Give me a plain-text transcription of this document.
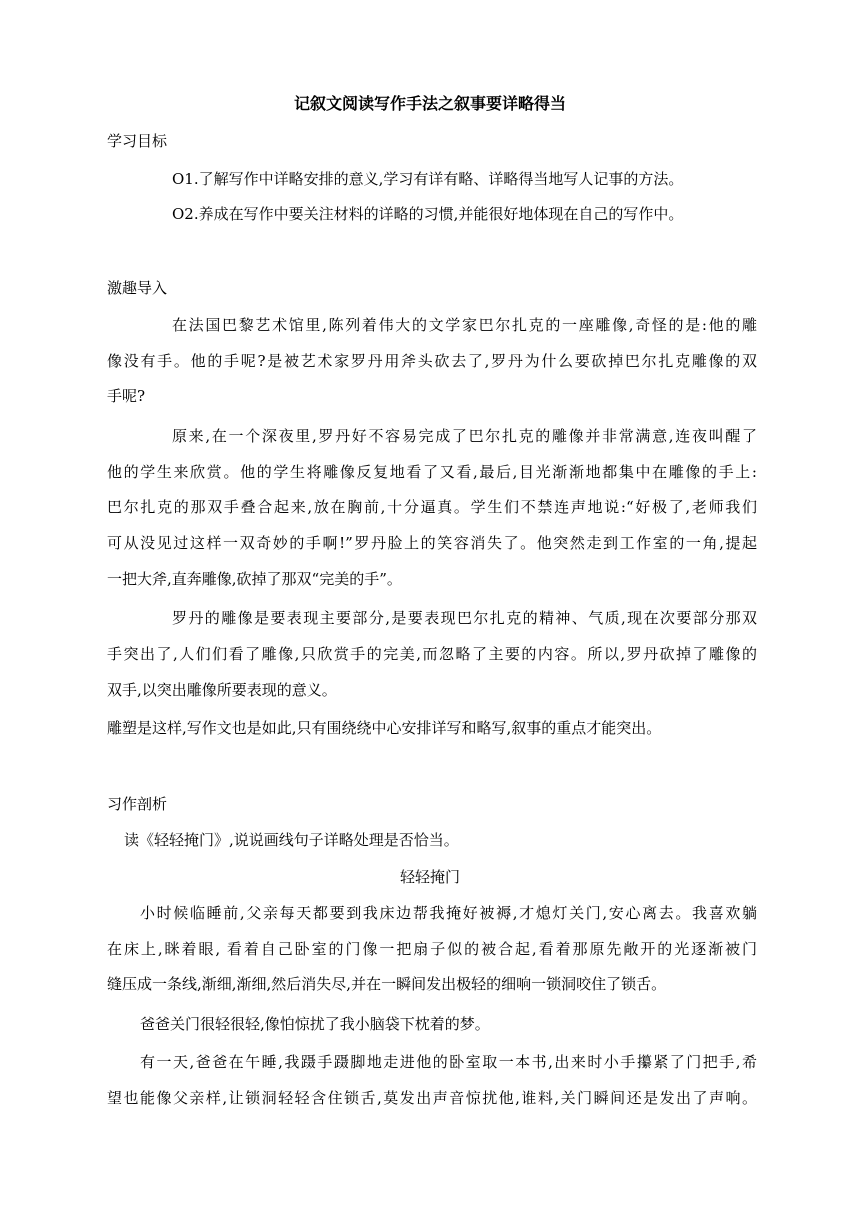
记叙文阅读写作手法之叙事要详略得当
学习目标
O1.了解写作中详略安排的意义,学习有详有略、详略得当地写人记事的方法。
O2.养成在写作中要关注材料的详略的习惯,并能很好地体现在自己的写作中。
激趣导入
在法国巴黎艺术馆里,陈列着伟大的文学家巴尔扎克的一座雕像,奇怪的是:他的雕
像没有手。他的手呢?是被艺术家罗丹用斧头砍去了,罗丹为什么要砍掉巴尔扎克雕像的双
手呢?
原来,在一个深夜里,罗丹好不容易完成了巴尔扎克的雕像并非常满意,连夜叫醒了
他的学生来欣赏。他的学生将雕像反复地看了又看,最后,目光渐渐地都集中在雕像的手上:
巴尔扎克的那双手叠合起来,放在胸前,十分逼真。学生们不禁连声地说:“好极了,老师我们
可从没见过这样一双奇妙的手啊!”罗丹脸上的笑容消失了。他突然走到工作室的一角,提起
一把大斧,直奔雕像,砍掉了那双“完美的手”。
罗丹的雕像是要表现主要部分,是要表现巴尔扎克的精神、气质,现在次要部分那双
手突出了,人们们看了雕像,只欣赏手的完美,而忽略了主要的内容。所以,罗丹砍掉了雕像的
双手,以突出雕像所要表现的意义。
雕塑是这样,写作文也是如此,只有围绕绕中心安排详写和略写,叙事的重点才能突出。
习作剖析
读《轻轻掩门》,说说画线句子详略处理是否恰当。
轻轻掩门
小时候临睡前,父亲每天都要到我床边帮我掩好被褥,才熄灯关门,安心离去。我喜欢躺
在床上,眯着眼, 看着自己卧室的门像一把扇子似的被合起,看着那原先敞开的光逐渐被门
缝压成一条线,渐细,渐细,然后消失尽,并在一瞬间发出极轻的细响一锁洞咬住了锁舌。
爸爸关门很轻很轻,像怕惊扰了我小脑袋下枕着的梦。
有一天,爸爸在午睡,我蹑手蹑脚地走进他的卧室取一本书,出来时小手攥紧了门把手,希
望也能像父亲样,让锁洞轻轻含住锁舌,莫发出声音惊扰他,谁料,关门瞬间还是发出了声响。
